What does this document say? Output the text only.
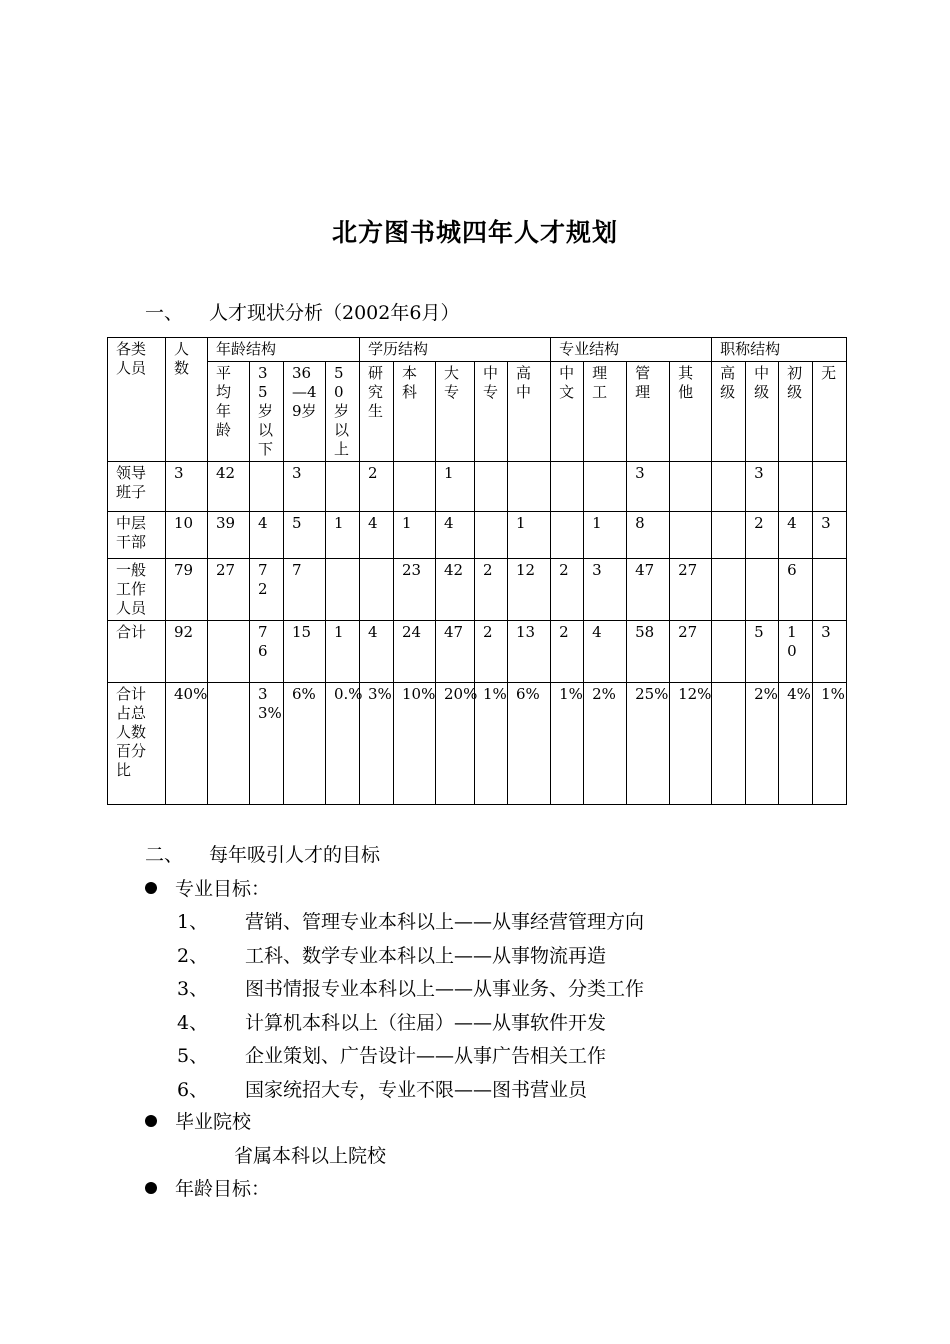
北方图书城四年人才规划
一、 人才现状分析（2002年6月）
各类人员	人数	年龄结构				学历结构					专业结构				职称结构			
		平均年龄	35岁以下	36—49岁	50岁以上	研究生	本科	大专	中专	高中	中文	理工	管理	其他	高级	中级	初级	无
领导班子	3	42		3		2		1					3			3		
中层干部	10	39	4	5	1	4	1	4		1		1	8			2	4	3
一般工作人员	79	27	72	7			23	42	2	12	2	3	47	27			6	
合计	92		76	15	1	4	24	47	2	13	2	4	58	27		5	10	3
合计占总人数百分比	40%		33%	6%	0.%	3%	10%	20%	1%	6%	1%	2%	25%	12%		2%	4%	1%
二、 每年吸引人才的目标
专业目标：
1、 营销、管理专业本科以上——从事经营管理方向
2、 工科、数学专业本科以上——从事物流再造
3、 图书情报专业本科以上——从事业务、分类工作
4、 计算机本科以上（往届）——从事软件开发
5、 企业策划、广告设计——从事广告相关工作
6、 国家统招大专，专业不限——图书营业员
毕业院校
省属本科以上院校
年龄目标：
